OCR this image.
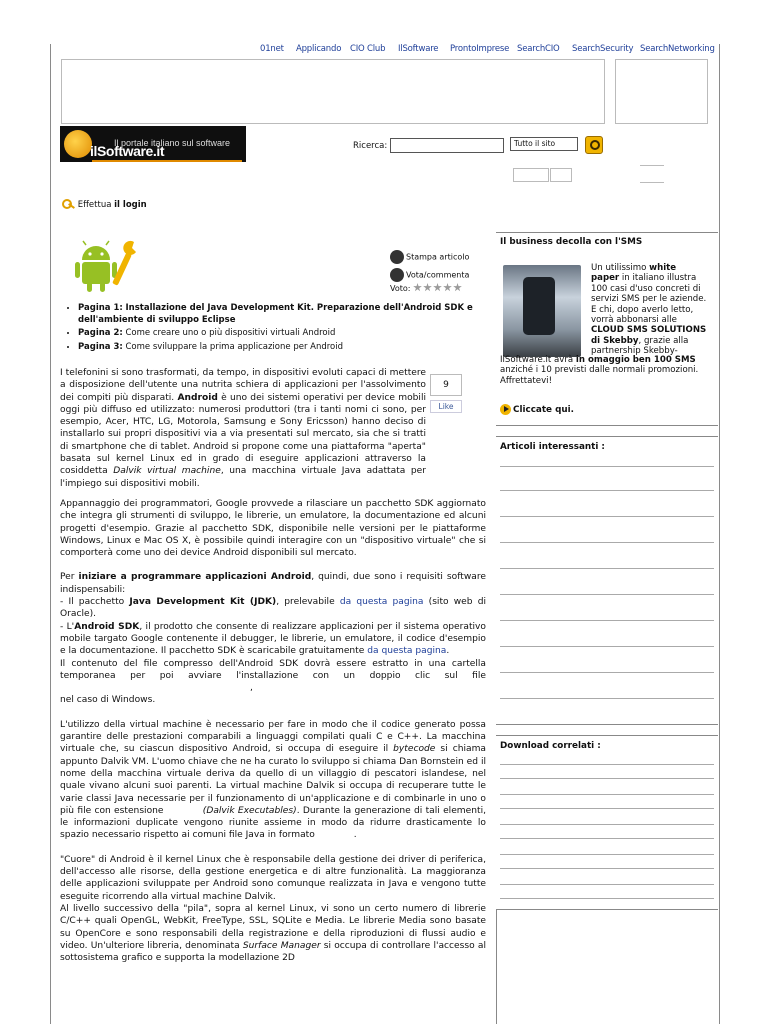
01net Applicando CIO Club IlSoftware ProntoImprese SearchCIO SearchSecurity SearchNetworking
Il portale italiano sul software
ilSoftware.it	Ricerca:	Tutto il sito
Effettua il login
Stampa articolo
Vota/commenta
Voto:
• Pagina 1: Installazione del Java Development Kit. Preparazione dell'Android SDK e dell'ambiente di sviluppo Eclipse
• Pagina 2: Come creare uno o più dispositivi virtuali Android
• Pagina 3: Come sviluppare la prima applicazione per Android
9
Like

I telefonini si sono trasformati, da tempo, in dispositivi evoluti capaci di mettere a disposizione dell'utente una nutrita schiera di applicazioni per l'assolvimento dei compiti più disparati. Android è uno dei sistemi operativi per device mobili oggi più diffuso ed utilizzato: numerosi produttori (tra i tanti nomi ci sono, per esempio, Acer, HTC, LG, Motorola, Samsung e Sony Ericsson) hanno deciso di installarlo sui propri dispositivi via a via presentati sul mercato, sia che si tratti di smartphone che di tablet. Android si propone come una piattaforma "aperta" basata sul kernel Linux ed in grado di eseguire applicazioni attraverso la cosiddetta Dalvik virtual machine, una macchina virtuale Java adattata per l'impiego sui dispositivi mobili.

Appannaggio dei programmatori, Google provvede a rilasciare un pacchetto SDK aggiornato che integra gli strumenti di sviluppo, le librerie, un emulatore, la documentazione ed alcuni progetti d'esempio. Grazie al pacchetto SDK, disponibile nelle versioni per le piattaforme Windows, Linux e Mac OS X, è possibile quindi interagire con un "dispositivo virtuale" che si comporterà come uno dei device Android disponibili sul mercato.

Per iniziare a programmare applicazioni Android, quindi, due sono i requisiti software indispensabili:
- Il pacchetto Java Development Kit (JDK), prelevabile da questa pagina (sito web di Oracle).
- L'Android SDK, il prodotto che consente di realizzare applicazioni per il sistema operativo mobile targato Google contenente il debugger, le librerie, un emulatore, il codice d'esempio e la documentazione. Il pacchetto SDK è scaricabile gratuitamente da questa pagina.
Il contenuto del file compresso dell'Android SDK dovrà essere estratto in una cartella temporanea per poi avviare l'installazione con un doppio clic sul file ,
nel caso di Windows.

L'utilizzo della virtual machine è necessario per fare in modo che il codice generato possa garantire delle prestazioni comparabili a linguaggi compilati quali C e C++. La macchina virtuale che, su ciascun dispositivo Android, si occupa di eseguire il bytecode si chiama appunto Dalvik VM. L'uomo chiave che ne ha curato lo sviluppo si chiama Dan Bornstein ed il nome della macchina virtuale deriva da quello di un villaggio di pescatori islandese, nel quale vivano alcuni suoi parenti. La virtual machine Dalvik si occupa di recuperare tutte le varie classi Java necessarie per il funzionamento di un'applicazione e di combinarle in uno o più file con estensione	(Dalvik Executables). Durante la generazione di tali elementi, le informazioni duplicate vengono riunite assieme in modo da ridurre drasticamente lo spazio necessario rispetto ai comuni file Java in formato	.

"Cuore" di Android è il kernel Linux che è responsabile della gestione dei driver di periferica, dell'accesso alle risorse, della gestione energetica e di altre funzionalità. La maggioranza delle applicazioni sviluppate per Android sono comunque realizzata in Java e vengono tutte eseguite ricorrendo alla virtual machine Dalvik.

Al livello successivo della "pila", sopra al kernel Linux, vi sono un certo numero di librerie C/C++ quali OpenGL, WebKit, FreeType, SSL, SQLite e Media. Le librerie Media sono basate su OpenCore e sono responsabili della registrazione e della riproduzioni di flussi audio e video. Un'ulteriore libreria, denominata Surface Manager si occupa di controllare l'accesso al sottosistema grafico e supporta la modellazione 2D

Il business decolla con l'SMS
Un utilissimo white paper in italiano illustra 100 casi d'uso concreti di servizi SMS per le aziende. E chi, dopo averlo letto, vorrà abbonarsi alle CLOUD SMS SOLUTIONS di Skebby, grazie alla partnership Skebby-
IlSoftware.it avrà in omaggio ben 100 SMS anziché i 10 previsti dalle normali promozioni. Affrettatevi!
Cliccate qui.
Articoli interessanti :
Download correlati :
